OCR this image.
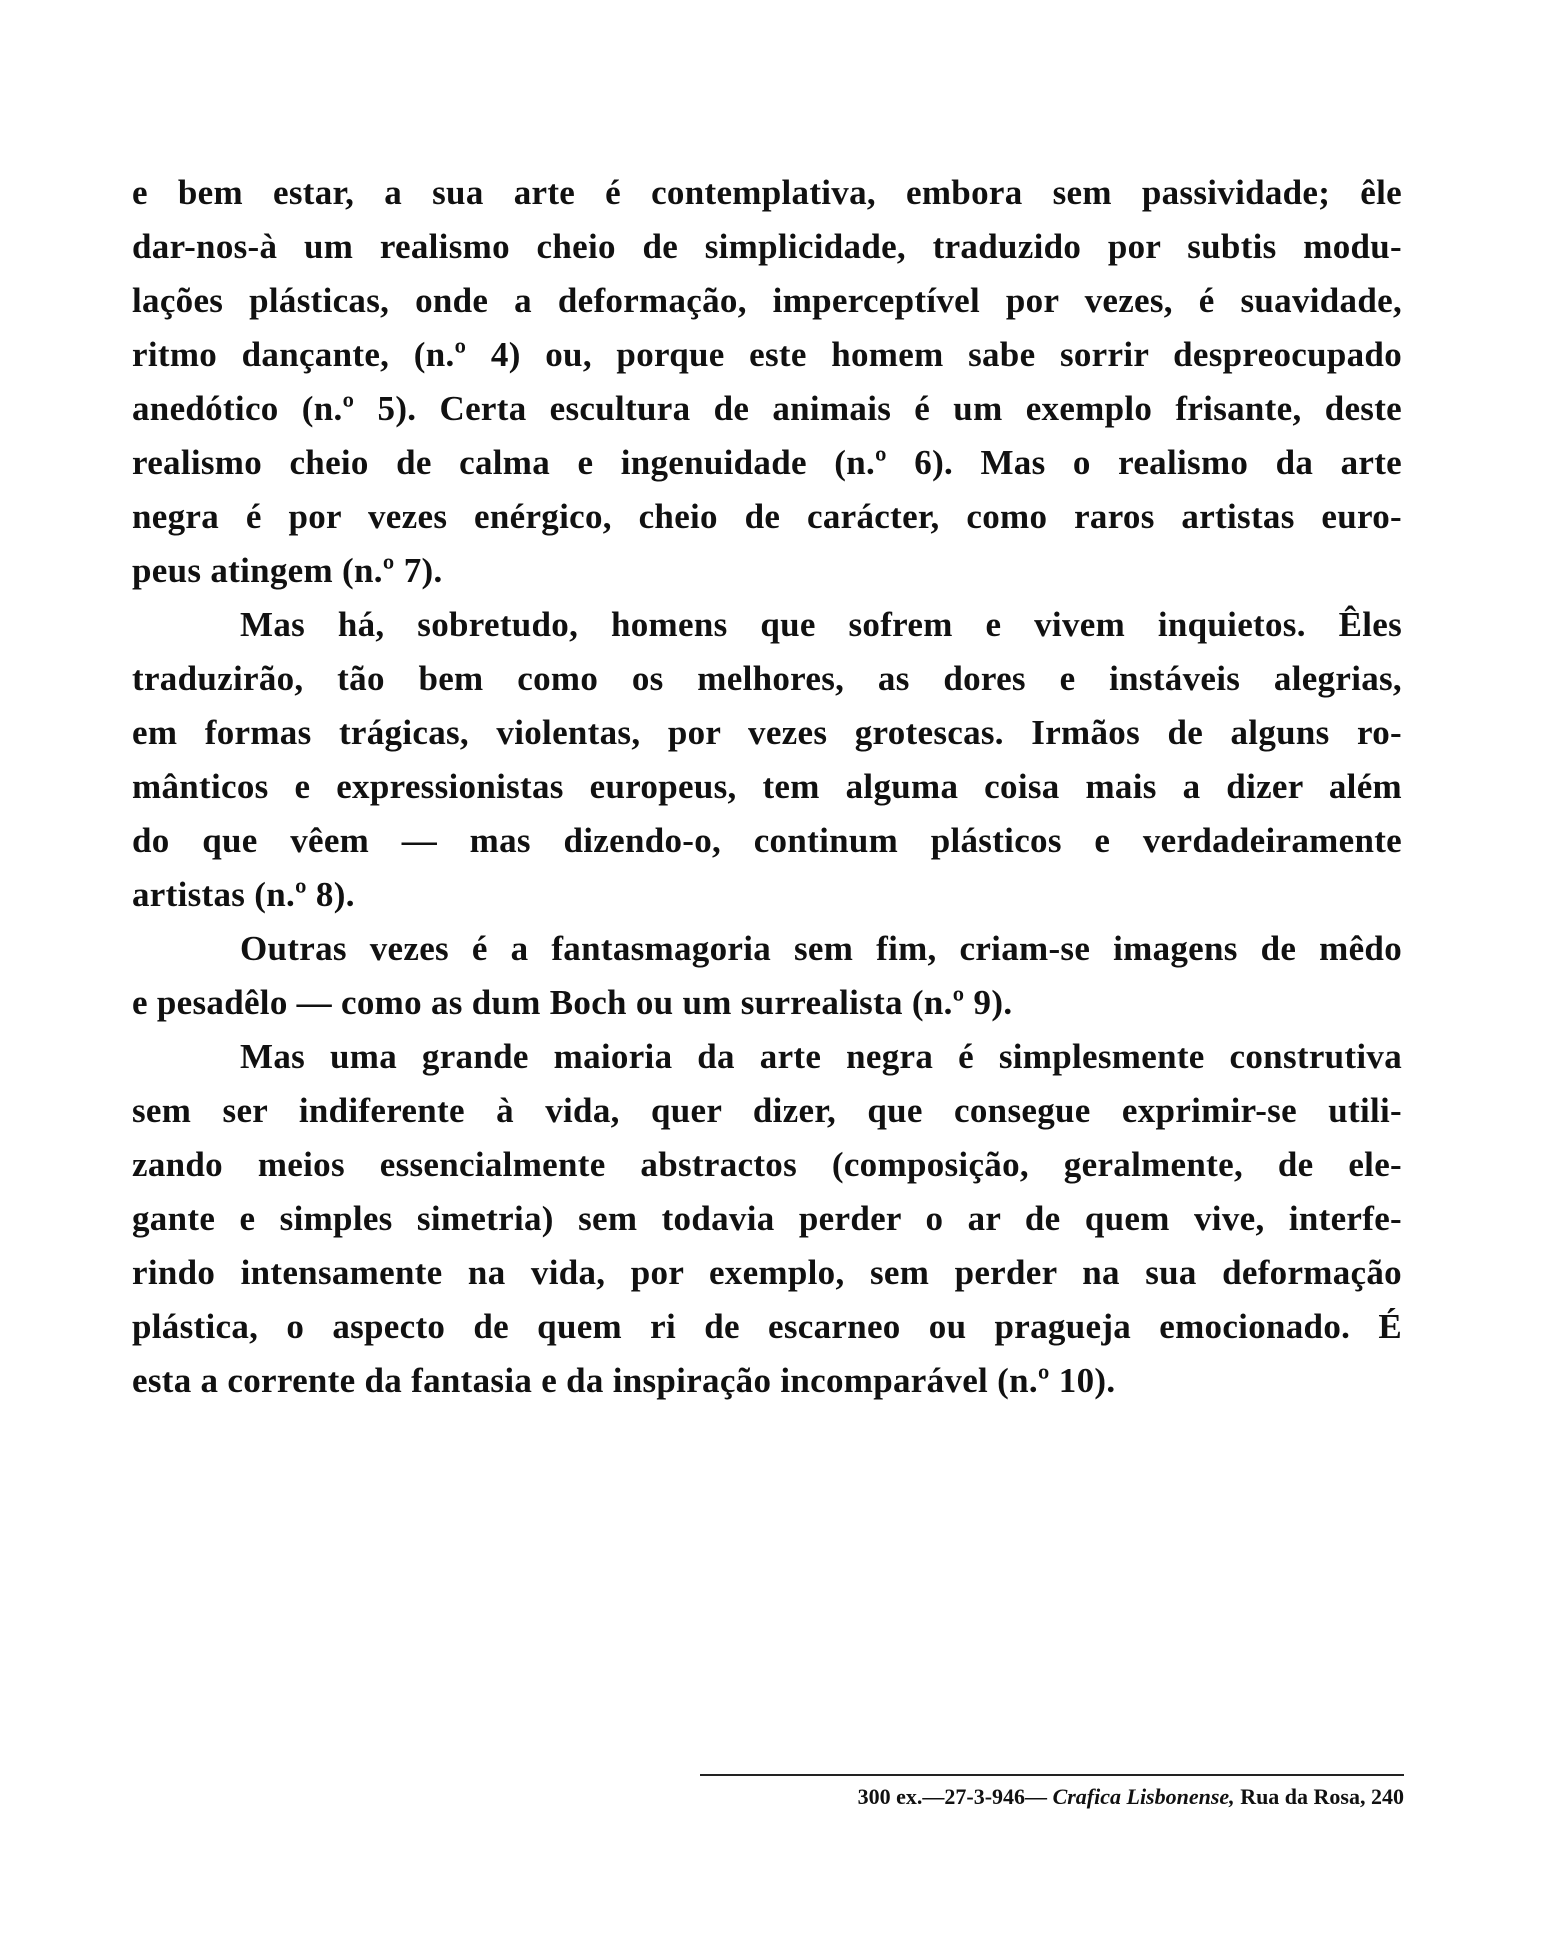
e bem estar, a sua arte é contemplativa, embora sem passividade; êle
dar-nos-à um realismo cheio de simplicidade, traduzido por subtis modu-
lações plásticas, onde a deformação, imperceptível por vezes, é suavidade,
ritmo dançante, (n.º 4) ou, porque este homem sabe sorrir despreocupado
anedótico (n.º 5). Certa escultura de animais é um exemplo frisante, deste
realismo cheio de calma e ingenuidade (n.º 6). Mas o realismo da arte
negra é por vezes enérgico, cheio de carácter, como raros artistas euro-
peus atingem (n.º 7).
Mas há, sobretudo, homens que sofrem e vivem inquietos. Êles
traduzirão, tão bem como os melhores, as dores e instáveis alegrias,
em formas trágicas, violentas, por vezes grotescas. Irmãos de alguns ro-
mânticos e expressionistas europeus, tem alguma coisa mais a dizer além
do que vêem — mas dizendo-o, continum plásticos e verdadeiramente
artistas (n.º 8).
Outras vezes é a fantasmagoria sem fim, criam-se imagens de mêdo
e pesadêlo — como as dum Boch ou um surrealista (n.º 9).
Mas uma grande maioria da arte negra é simplesmente construtiva
sem ser indiferente à vida, quer dizer, que consegue exprimir-se utili-
zando meios essencialmente abstractos (composição, geralmente, de ele-
gante e simples simetria) sem todavia perder o ar de quem vive, interfe-
rindo intensamente na vida, por exemplo, sem perder na sua deformação
plástica, o aspecto de quem ri de escarneo ou pragueja emocionado. É
esta a corrente da fantasia e da inspiração incomparável (n.º 10).
300 ex.—27-3-946— Crafica Lisbonense, Rua da Rosa, 240
